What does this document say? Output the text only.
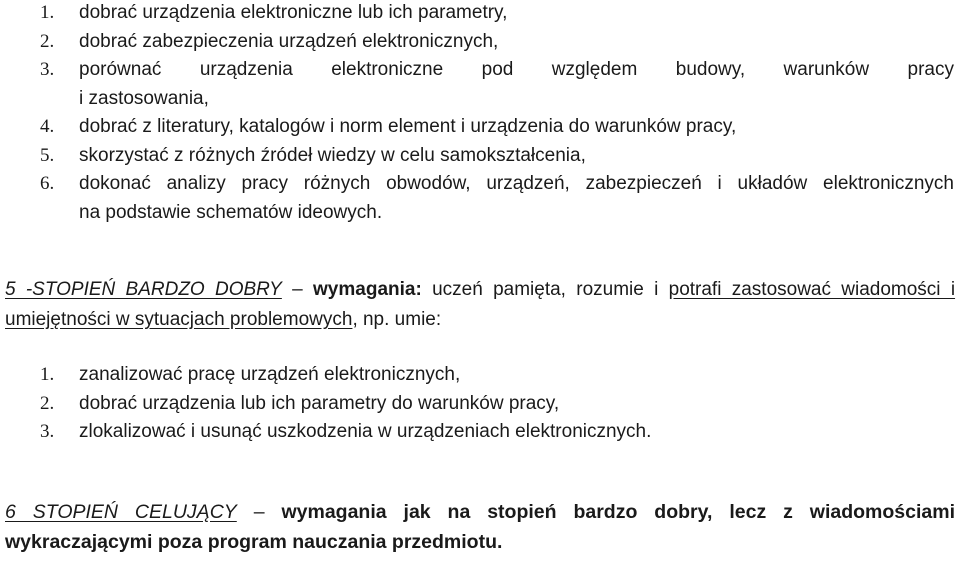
1. dobrać urządzenia elektroniczne lub ich parametry,
2. dobrać zabezpieczenia urządzeń elektronicznych,
3. porównać urządzenia elektroniczne pod względem budowy, warunków pracy
i zastosowania,
4. dobrać z literatury, katalogów i norm element i urządzenia do warunków pracy,
5. skorzystać z różnych źródeł wiedzy w celu samokształcenia,
6. dokonać analizy pracy różnych obwodów, urządzeń, zabezpieczeń i układów elektronicznych
na podstawie schematów ideowych.
5 -STOPIEŃ BARDZO DOBRY – wymagania: uczeń pamięta, rozumie i potrafi zastosować wiadomości i
umiejętności w sytuacjach problemowych, np. umie:
1. zanalizować pracę urządzeń elektronicznych,
2. dobrać urządzenia lub ich parametry do warunków pracy,
3. zlokalizować i usunąć uszkodzenia w urządzeniach elektronicznych.
6 STOPIEŃ CELUJĄCY – wymagania jak na stopień bardzo dobry, lecz z wiadomościami
wykraczającymi poza program nauczania przedmiotu.
